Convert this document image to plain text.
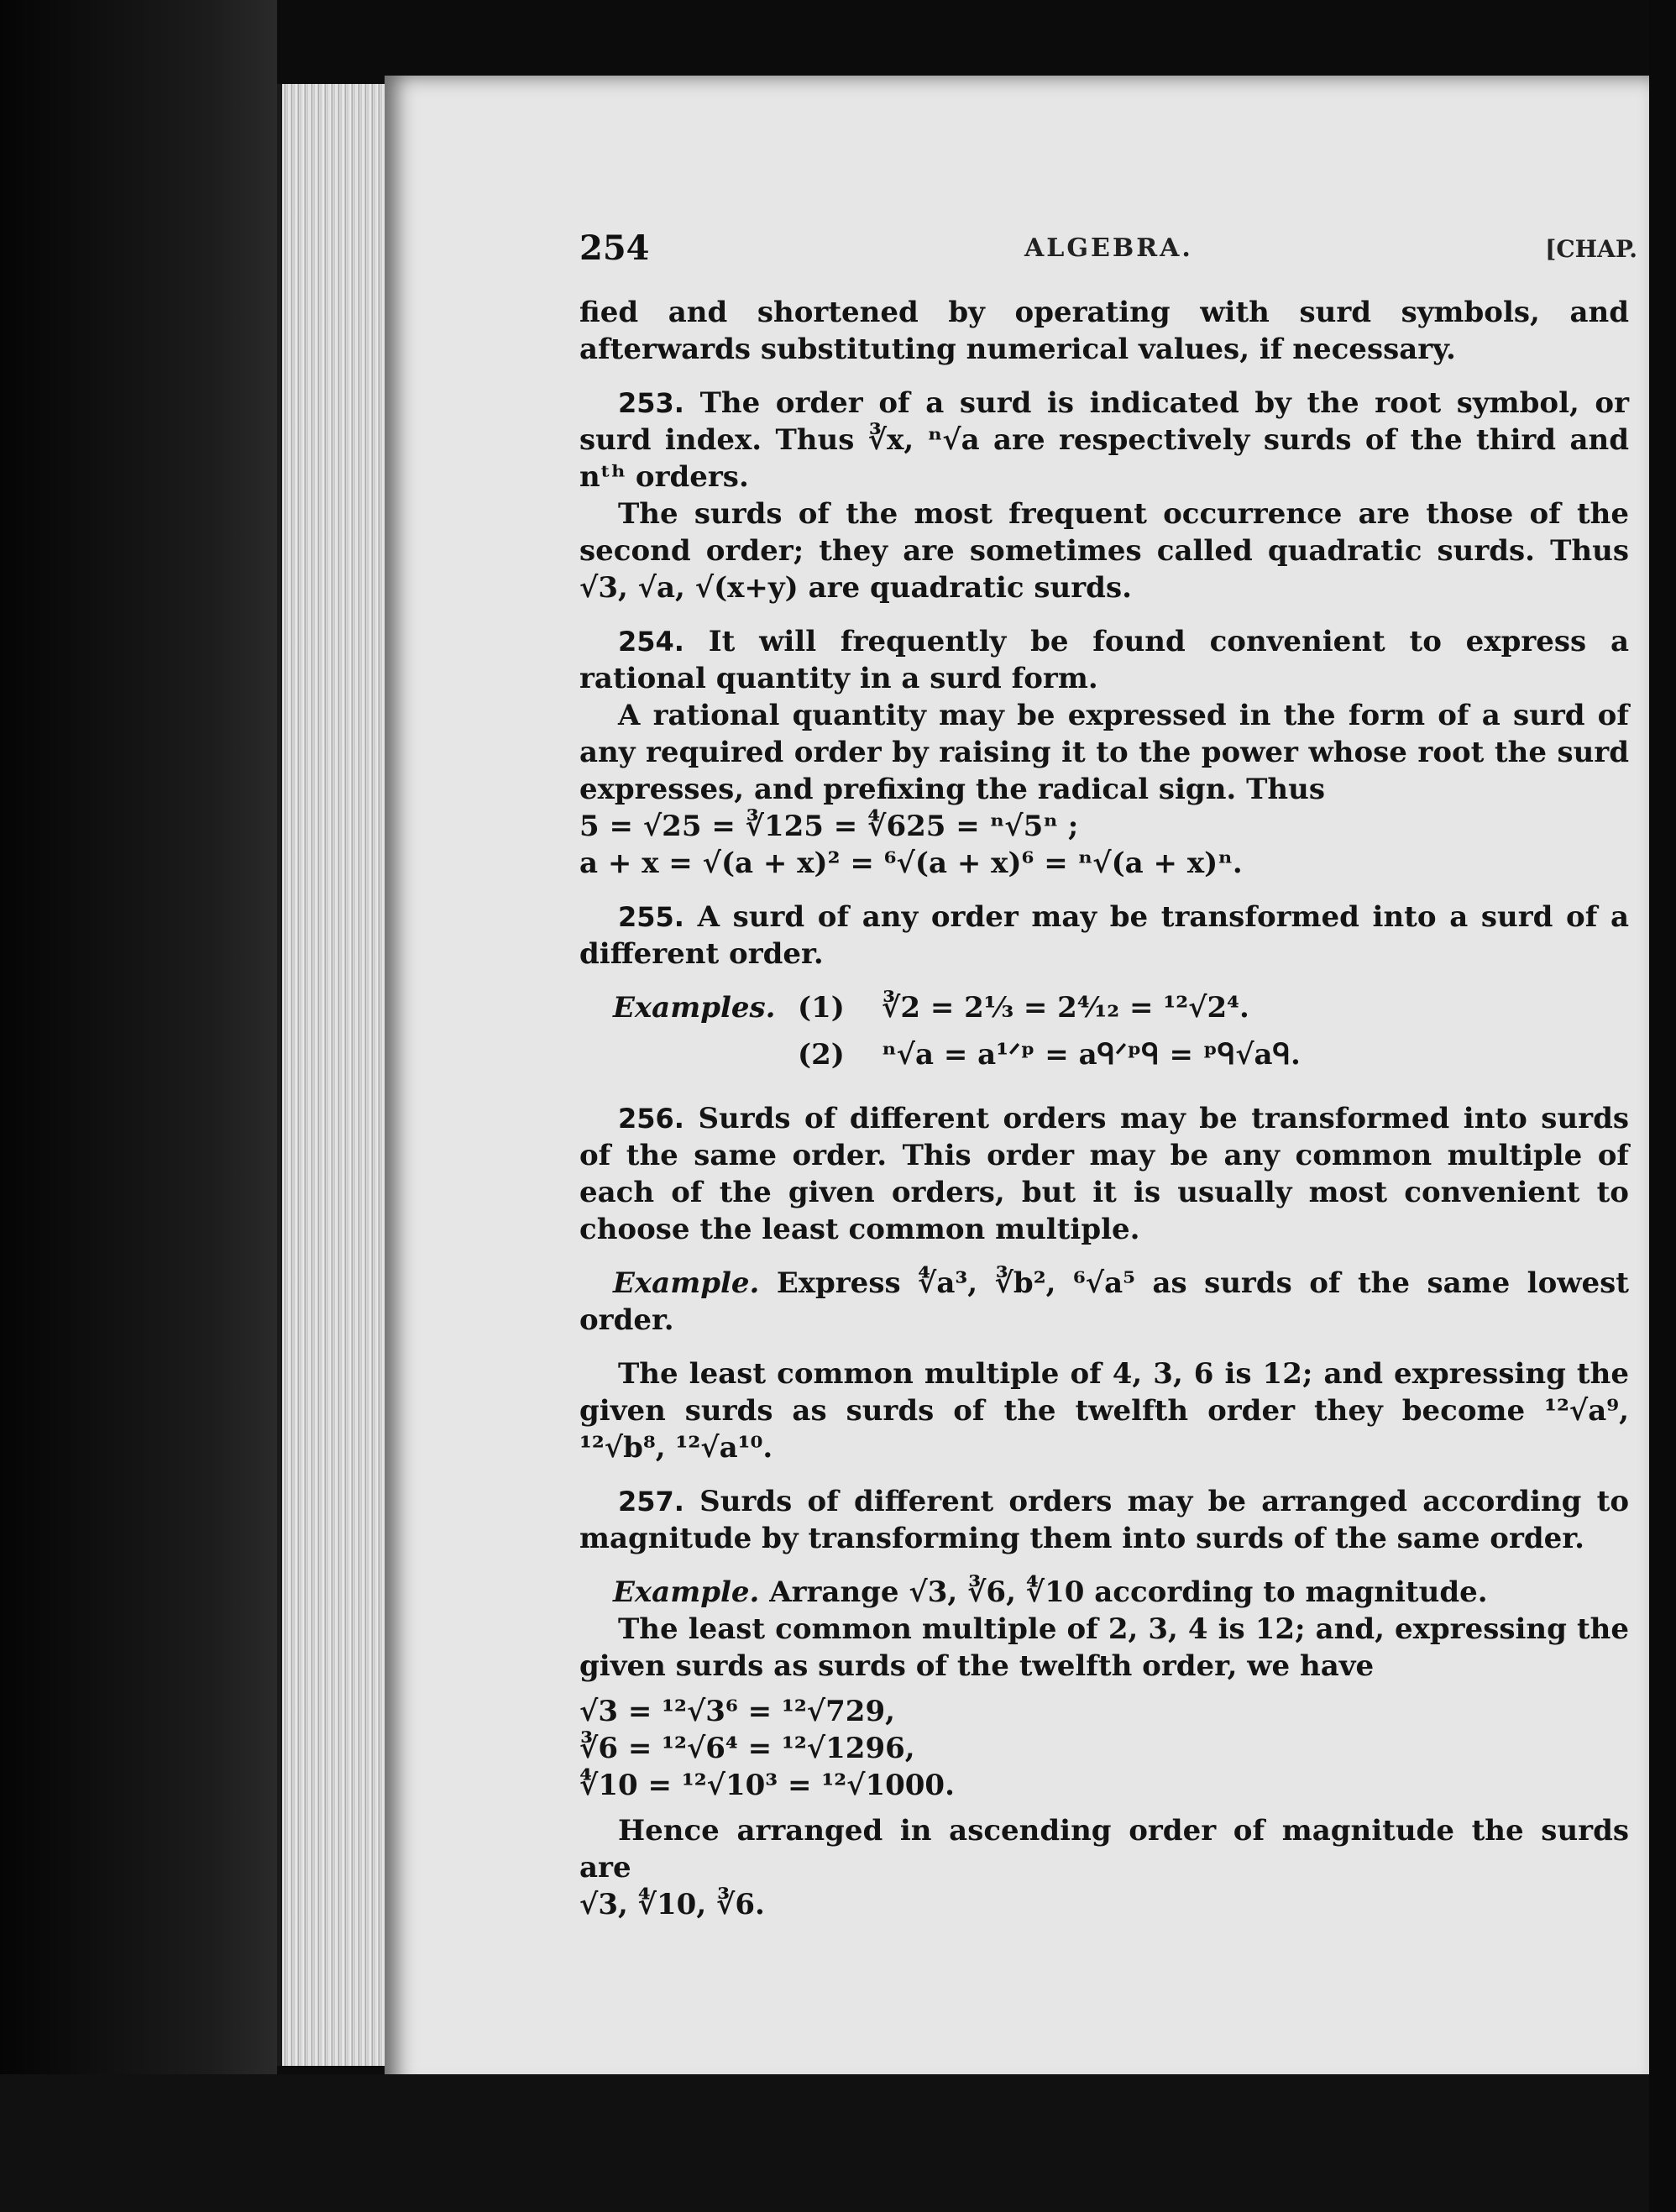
254	ALGEBRA.	[CHAP.

fied and shortened by operating with surd symbols, and afterwards substituting numerical values, if necessary.

253. The order of a surd is indicated by the root symbol, or surd index. Thus ∛x, ⁿ√a are respectively surds of the third and nᵗʰ orders.

The surds of the most frequent occurrence are those of the second order; they are sometimes called quadratic surds. Thus √3, √a, √(x+y) are quadratic surds.

254. It will frequently be found convenient to express a rational quantity in a surd form.

A rational quantity may be expressed in the form of a surd of any required order by raising it to the power whose root the surd expresses, and prefixing the radical sign. Thus

5 = √25 = ∛125 = ∜625 = ⁿ√5ⁿ ;

a + x = √(a + x)² = ⁶√(a + x)⁶ = ⁿ√(a + x)ⁿ.

255. A surd of any order may be transformed into a surd of a different order.

Examples. (1) ∛2 = 2⅓ = 2⁴⁄₁₂ = ¹²√2⁴.
(2) ⁿ√a = a¹ᐟᵖ = aᑫᐟᵖᑫ = ᵖᑫ√aᑫ.

256. Surds of different orders may be transformed into surds of the same order. This order may be any common multiple of each of the given orders, but it is usually most convenient to choose the least common multiple.

Example. Express ∜a³, ∛b², ⁶√a⁵ as surds of the same lowest order.

The least common multiple of 4, 3, 6 is 12; and expressing the given surds as surds of the twelfth order they become ¹²√a⁹, ¹²√b⁸, ¹²√a¹⁰.

257. Surds of different orders may be arranged according to magnitude by transforming them into surds of the same order.

Example. Arrange √3, ∛6, ∜10 according to magnitude.

The least common multiple of 2, 3, 4 is 12; and, expressing the given surds as surds of the twelfth order, we have

√3 = ¹²√3⁶ = ¹²√729,

∛6 = ¹²√6⁴ = ¹²√1296,

∜10 = ¹²√10³ = ¹²√1000.

Hence arranged in ascending order of magnitude the surds are

√3, ∜10, ∛6.
